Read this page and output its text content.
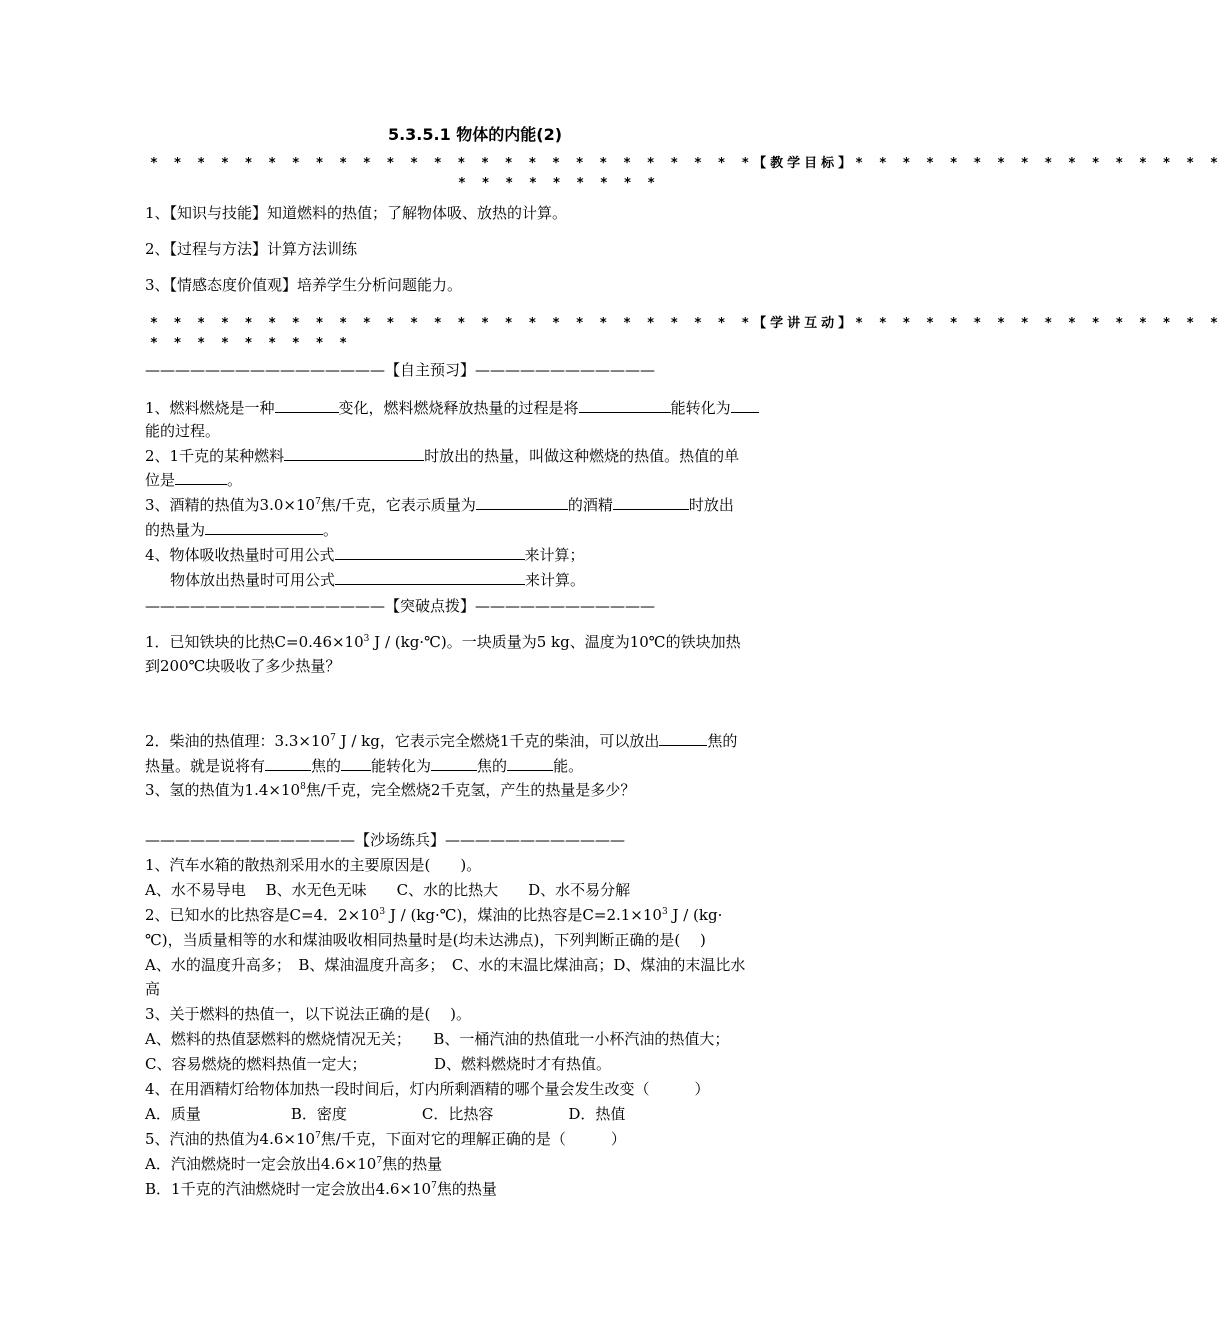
5.3.5.1 物体的内能(2)
* * * * * * * * * * * * * * * * * * * * * * * * * *【教学目标】* * * * * * * * * * * * * * * *
* * * * * * * * *
1、【知识与技能】知道燃料的热值；了解物体吸、放热的计算。
2、【过程与方法】计算方法训练
3、【情感态度价值观】培养学生分析问题能力。
* * * * * * * * * * * * * * * * * * * * * * * * * *【学讲互动】* * * * * * * * * * * * * * * *
* * * * * * * * *
————————————————【自主预习】————————————
1、燃料燃烧是一种	变化，燃料燃烧释放热量的过程是将	能转化为
能的过程。
2、1千克的某种燃料	时放出的热量，叫做这种燃烧的热值。热值的单
位是	。
3、酒精的热值为$3.0\times 10^7$焦/千克，它表示质量为	的酒精	时放出
的热量为	。
4、物体吸收热量时可用公式	来计算；
物体放出热量时可用公式	来计算。
————————————————【突破点拨】————————————
1．已知铁块的比热$C=0.46\times 10^3$ J / (kg·℃)。一块质量为5 kg、温度为10℃的铁块加热
到200℃块吸收了多少热量？
2．柴油的热值理：$3.3\times 10^7$ J / kg，它表示完全燃烧1千克的柴油，可以放出	焦的
热量。就是说将有	焦的 能转化为	焦的	能。
3、氢的热值为$1.4\times 10^8$焦/千克，完全燃烧2千克氢，产生的热量是多少？
——————————————【沙场练兵】————————————
1、汽车水箱的散热剂采用水的主要原因是(　　)。
A、水不易导电　 B、水无色无味　　C、水的比热大　　D、水不易分解
2、已知水的比热容是C=4．$2\times 10^3$ J / (kg·℃)，煤油的比热容是$C=2.1\times 10^3$ J / (kg·
℃)，当质量相等的水和煤油吸收相同热量时是(均未达沸点)，下列判断正确的是(　 )
A、水的温度升高多；　B、煤油温度升高多；　C、水的末温比煤油高；D、煤油的末温比水
高
3、关于燃料的热值一，以下说法正确的是(　 )。
A、燃料的热值瑟燃料的燃烧情况无关；　　B、一桶汽油的热值玭一小杯汽油的热值大；
C、容易燃烧的燃料热值一定大；　　　　　D、燃料燃烧时才有热值。
4、在用酒精灯给物体加热一段时间后，灯内所剩酒精的哪个量会发生改变（　　　）
A．质量　　　　　　B．密度　　　　　C．比热容　　　　　D．热值
5、汽油的热值为$4.6\times 10^7$焦/千克，下面对它的理解正确的是（　　　）
A．汽油燃烧时一定会放出$4.6\times 10^7$焦的热量
B．1千克的汽油燃烧时一定会放出$4.6\times 10^7$焦的热量
